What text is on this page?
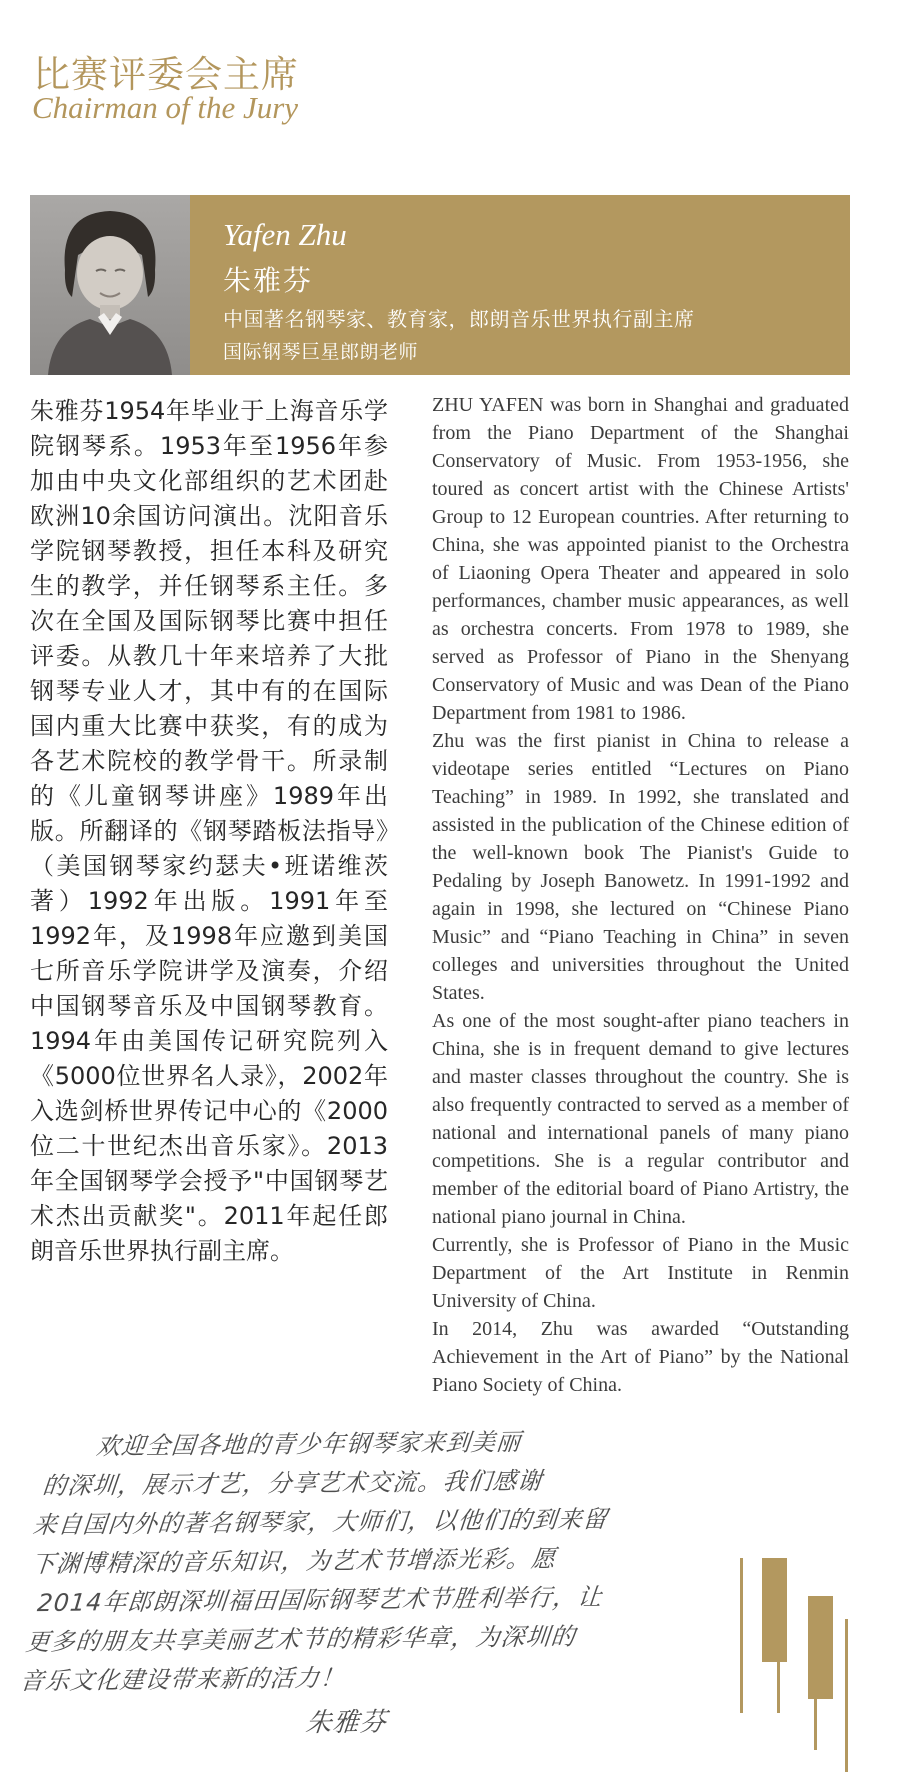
比赛评委会主席
Chairman of the Jury
Yafen Zhu
朱雅芬
中国著名钢琴家、教育家，郎朗音乐世界执行副主席
国际钢琴巨星郎朗老师
朱雅芬1954年毕业于上海音乐学院钢琴系。1953年至1956年参加由中央文化部组织的艺术团赴欧洲10余国访问演出。沈阳音乐学院钢琴教授，担任本科及研究生的教学，并任钢琴系主任。多次在全国及国际钢琴比赛中担任评委。从教几十年来培养了大批钢琴专业人才，其中有的在国际国内重大比赛中获奖，有的成为各艺术院校的教学骨干。所录制的《儿童钢琴讲座》1989年出版。所翻译的《钢琴踏板法指导》（美国钢琴家约瑟夫•班诺维茨著）1992年出版。1991年至1992年，及1998年应邀到美国七所音乐学院讲学及演奏，介绍中国钢琴音乐及中国钢琴教育。1994年由美国传记研究院列入《5000位世界名人录》，2002年入选剑桥世界传记中心的《2000位二十世纪杰出音乐家》。2013年全国钢琴学会授予"中国钢琴艺术杰出贡献奖"。2011年起任郎朗音乐世界执行副主席。

ZHU YAFEN was born in Shanghai and graduated from the Piano Department of the Shanghai Conservatory of Music. From 1953-1956, she toured as concert artist with the Chinese Artists' Group to 12 European countries. After returning to China, she was appointed pianist to the Orchestra of Liaoning Opera Theater and appeared in solo performances, chamber music appearances, as well as orchestra concerts. From 1978 to 1989, she served as Professor of Piano in the Shenyang Conservatory of Music and was Dean of the Piano Department from 1981 to 1986.

Zhu was the first pianist in China to release a videotape series entitled “Lectures on Piano Teaching” in 1989. In 1992, she translated and assisted in the publication of the Chinese edition of the well-known book The Pianist's Guide to Pedaling by Joseph Banowetz. In 1991-1992 and again in 1998, she lectured on “Chinese Piano Music” and “Piano Teaching in China” in seven colleges and universities throughout the United States.

As one of the most sought-after piano teachers in China, she is in frequent demand to give lectures and master classes throughout the country. She is also frequently contracted to served as a member of national and international panels of many piano competitions. She is a regular contributor and member of the editorial board of Piano Artistry, the national piano journal in China.

Currently, she is Professor of Piano in the Music Department of the Art Institute in Renmin University of China.

In 2014, Zhu was awarded “Outstanding Achievement in the Art of Piano” by the National Piano Society of China.

欢迎全国各地的青少年钢琴家来到美丽
的深圳，展示才艺，分享艺术交流。我们感谢
来自国内外的著名钢琴家，大师们，以他们的到来留
下渊博精深的音乐知识，为艺术节增添光彩。愿
2014年郎朗深圳福田国际钢琴艺术节胜利举行，让
更多的朋友共享美丽艺术节的精彩华章，为深圳的
音乐文化建设带来新的活力！
朱雅芬
